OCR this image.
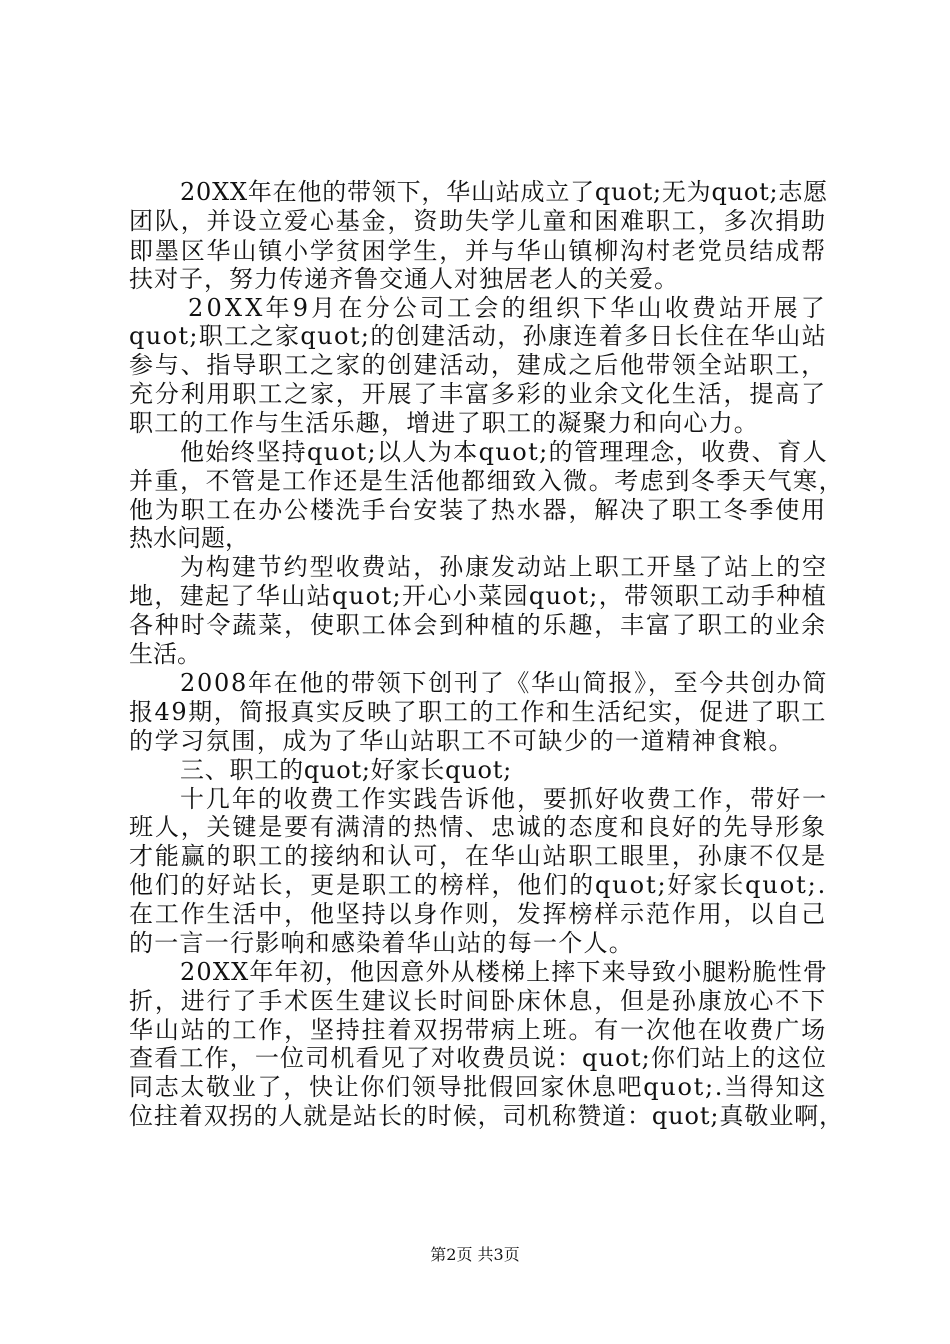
20XX年在他的带领下，华山站成立了quot;无为quot;志愿
团队，并设立爱心基金，资助失学儿童和困难职工，多次捐助
即墨区华山镇小学贫困学生，并与华山镇柳沟村老党员结成帮
扶对子，努力传递齐鲁交通人对独居老人的关爱。
20XX年9月在分公司工会的组织下华山收费站开展了
quot;职工之家quot;的创建活动，孙康连着多日长住在华山站
参与、指导职工之家的创建活动，建成之后他带领全站职工，
充分利用职工之家，开展了丰富多彩的业余文化生活，提高了
职工的工作与生活乐趣，增进了职工的凝聚力和向心力。
他始终坚持quot;以人为本quot;的管理理念，收费、育人
并重，不管是工作还是生活他都细致入微。考虑到冬季天气寒，
他为职工在办公楼洗手台安装了热水器，解决了职工冬季使用
热水问题，
为构建节约型收费站，孙康发动站上职工开垦了站上的空
地，建起了华山站quot;开心小菜园quot;，带领职工动手种植
各种时令蔬菜，使职工体会到种植的乐趣，丰富了职工的业余
生活。
2008年在他的带领下创刊了《华山简报》，至今共创办简
报49期，简报真实反映了职工的工作和生活纪实，促进了职工
的学习氛围，成为了华山站职工不可缺少的一道精神食粮。
三、职工的quot;好家长quot;
十几年的收费工作实践告诉他，要抓好收费工作，带好一
班人，关键是要有满清的热情、忠诚的态度和良好的先导形象
才能赢的职工的接纳和认可，在华山站职工眼里，孙康不仅是
他们的好站长，更是职工的榜样，他们的quot;好家长quot;.
在工作生活中，他坚持以身作则，发挥榜样示范作用，以自己
的一言一行影响和感染着华山站的每一个人。
20XX年年初，他因意外从楼梯上摔下来导致小腿粉脆性骨
折，进行了手术医生建议长时间卧床休息，但是孙康放心不下
华山站的工作，坚持拄着双拐带病上班。有一次他在收费广场
查看工作，一位司机看见了对收费员说：quot;你们站上的这位
同志太敬业了，快让你们领导批假回家休息吧quot;.当得知这
位拄着双拐的人就是站长的时候，司机称赞道：quot;真敬业啊，
第2页 共3页
